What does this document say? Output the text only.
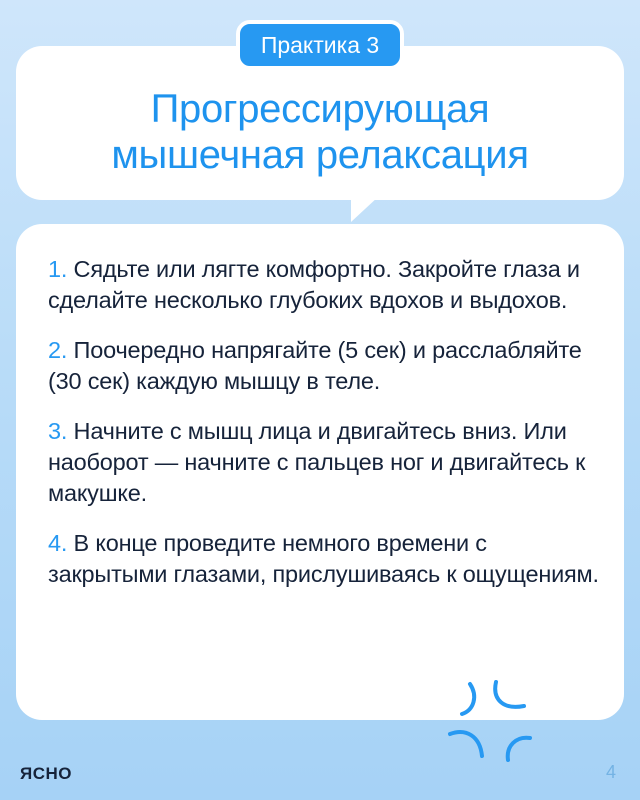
Прогрессирующая
мышечная релаксация
Практика 3

1. Сядьте или лягте комфортно. Закройте глаза и сделайте несколько глубоких вдохов и выдохов.

2. Поочередно напрягайте (5 сек) и расслабляйте (30 сек) каждую мышцу в теле.

3. Начните с мышц лица и двигайтесь вниз. Или наоборот — начните с пальцев ног и двигайтесь к макушке.

4. В конце проведите немного времени с закрытыми глазами, прислушиваясь к ощущениям.

ЯСНО	4
